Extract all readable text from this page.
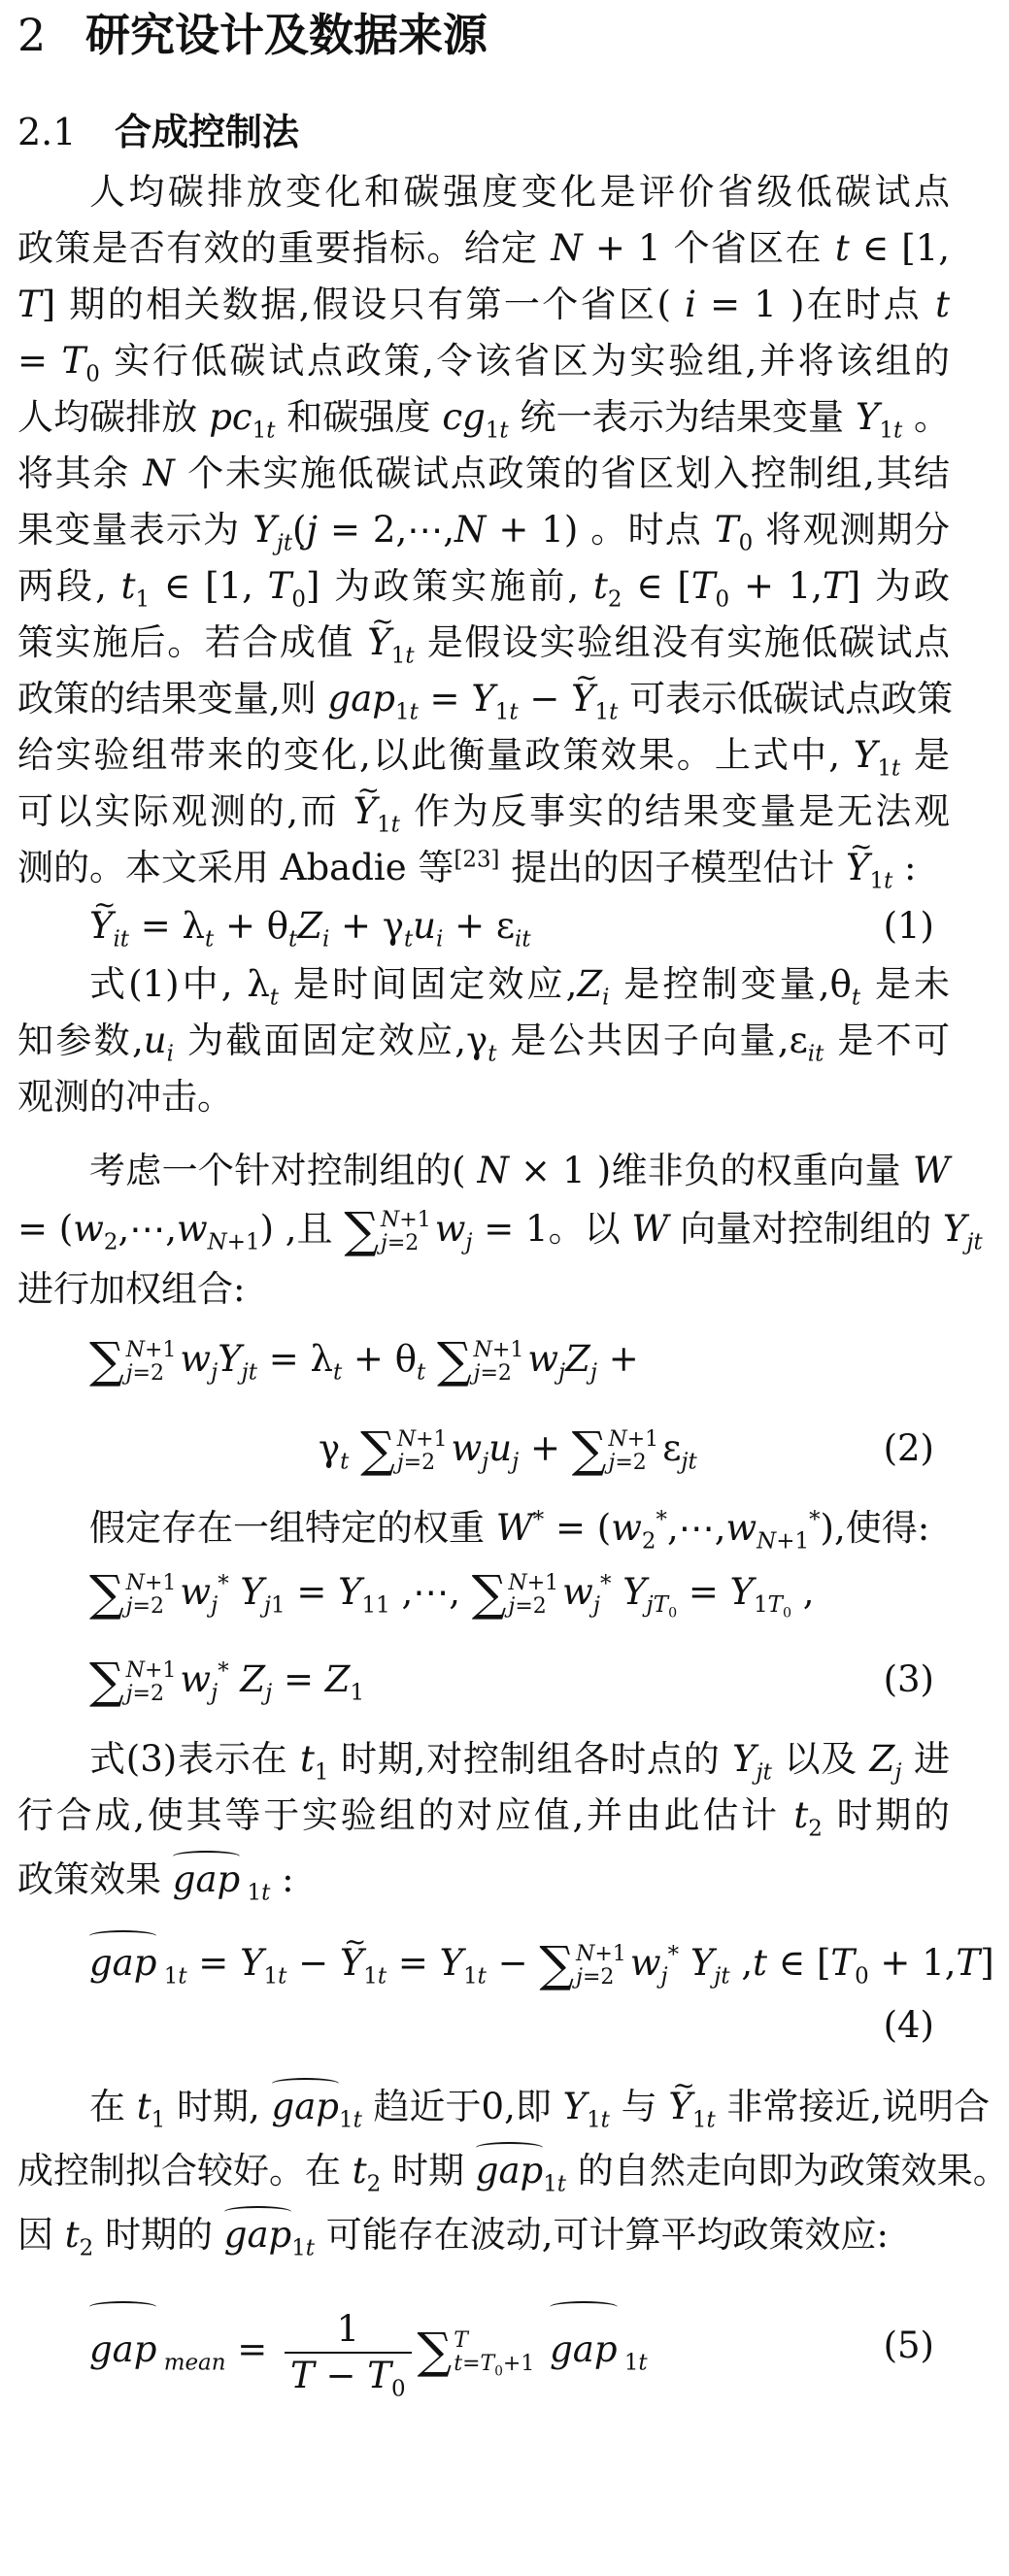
2 研究设计及数据来源
2.1 合成控制法
人均碳排放变化和碳强度变化是评价省级低碳试点
政策是否有效的重要指标。给定 N + 1 个省区在 t ∈ [1,
T] 期的相关数据,假设只有第一个省区( i = 1 )在时点 t
= $T_0$ 实行低碳试点政策,令该省区为实验组,并将该组的
人均碳排放 $pc_{1t}$ 和碳强度 $cg_{1t}$ 统一表示为结果变量 $Y_{1t}$ 。
将其余 N 个未实施低碳试点政策的省区划入控制组,其结
果变量表示为 $Y_{jt}(j$ = 2,⋯,N + 1) 。时点 $T_0$ 将观测期分
两段, $t_1$ ∈ [1, $T_0$] 为政策实施前, $t_2$ ∈ $[T_0 + 1,T]$ 为政
策实施后。若合成值 ~ $Y_{1t}$ 是假设实验组没有实施低碳试点
政策的结果变量,则 $gap_{1t} = Y_{1t}$ − ~ $Y_{1t}$ 可表示低碳试点政策
给实验组带来的变化,以此衡量政策效果。上式中, $Y_{1t}$ 是
可以实际观测的,而 ~ $Y_{1t}$ 作为反事实的结果变量是无法观
测的。本文采用 Abadie 等[23] 提出的因子模型估计 ~ $Y_{1t}$ :
~ $Y_{it} = \lambda_t + \theta_tZ_i + \gamma_tu_i + \varepsilon_{it}$	(1)
式(1)中, $\lambda_t$ 是时间固定效应$,Z_i$ 是控制变量$,\theta_t$ 是未
知参数$,u_i$ 为截面固定效应$,\gamma_t$ 是公共因子向量$,\varepsilon_{it}$ 是不可
观测的冲击。
考虑一个针对控制组的( N × 1 )维非负的权重向量 W
= $(w_2,\cdots,w_{N+1})$ ,且 ∑ N+1
j=2 $w_j = 1$。以 W 向量对控制组的 $Y_{jt}$
进行加权组合:
∑ N+1
j=2 $w_jY_{jt} = \lambda_t + \theta_t$ ∑ N+1
j=2 $w_jZ_j$ +
$\gamma_t$ ∑ N+1
j=2 $w_ju_j$ + ∑ N+1
j=2 $\varepsilon_{jt}$	(2)
假定存在一组特定的权重 $W^* = (w_2^*,\cdots,w_{N+1}^*)$,使得:
∑ N+1
j=2 $w_j^*$ $Y_{j1} = Y_{11}$ ,⋯, ∑ N+1
j=2 $w_j^*$ $Y_{jT_0} = Y_{1T_0}$ ,
∑ N+1
j=2 $w_j^*$ $Z_j = Z_1$	(3)
式(3)表示在 $t_1$ 时期,对控制组各时点的 $Y_{jt}$ 以及 $Z_j$ 进
行合成,使其等于实验组的对应值,并由此估计 $t_2$ 时期的
政策效果 gap $_{1t}$ :
gap $_{1t} = Y_{1t}$ − ~ $Y_{1t} = Y_{1t}$ − ∑ N+1
j=2 $w_j^*$ $Y_{jt}$ ,t ∈ $[T_0 + 1,T]$
(4)
在 $t_1$ 时期, gap$_{1t}$ 趋近于0,即 $Y_{1t}$ 与 ~ $Y_{1t}$ 非常接近,说明合
成控制拟合较好。在 $t_2$ 时期 gap$_{1t}$ 的自然走向即为政策效果。
因 $t_2$ 时期的 gap$_{1t}$ 可能存在波动,可计算平均政策效应:
gap $_{mean} = \frac{1}{T - T_0}$ ∑ T
$t=T_0+1$ gap $_{1t}$	(5)
